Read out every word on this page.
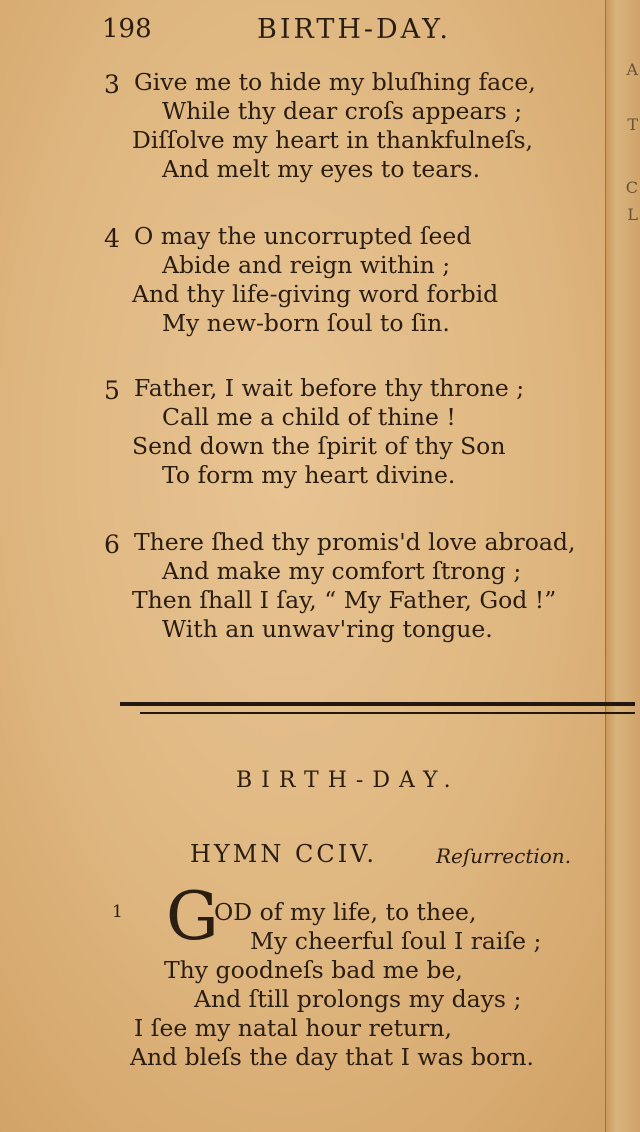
A
T
C
L
198	BIRTH-DAY.
3 Give me to hide my bluſhing face,
While thy dear croſs appears ;
Diſſolve my heart in thankfulneſs,
And melt my eyes to tears.
4 O may the uncorrupted ſeed
Abide and reign within ;
And thy life-giving word forbid
My new-born ſoul to ſin.
5 Father, I wait before thy throne ;
Call me a child of thine !
Send down the ſpirit of thy Son
To form my heart divine.
6 There ſhed thy promis'd love abroad,
And make my comfort ſtrong ;
Then ſhall I ſay, “ My Father, God !”
With an unwav'ring tongue.
BIRTH-DAY.
HYMN CCIV.	Reſurrection.
1 G
OD of my life, to thee,
My cheerful ſoul I raiſe ;
Thy goodneſs bad me be,
And ſtill prolongs my days ;
I ſee my natal hour return,
And bleſs the day that I was born.
